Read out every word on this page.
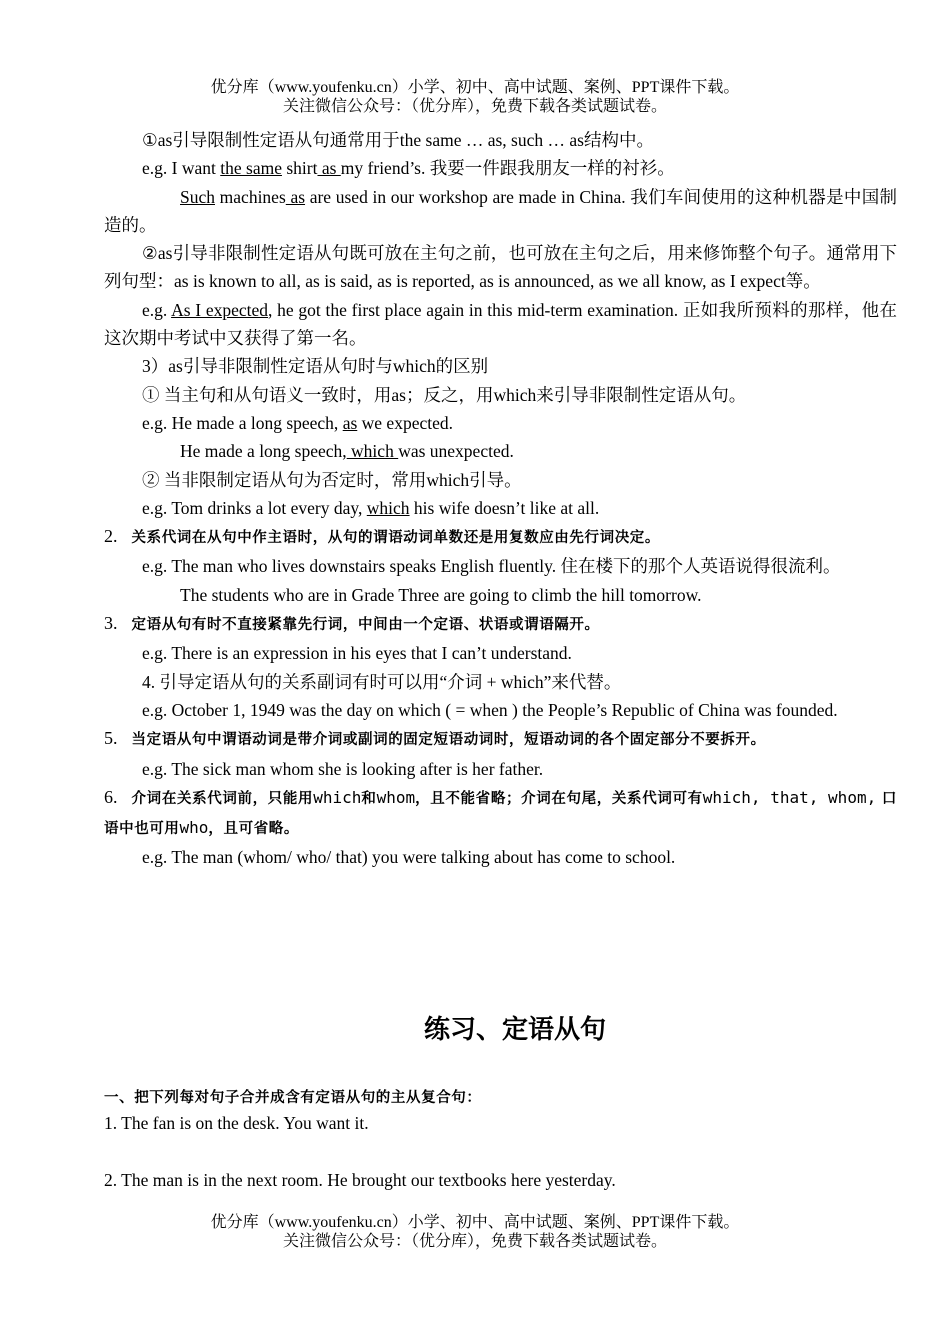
优分库（www.youfenku.cn）小学、初中、高中试题、案例、PPT课件下载。
关注微信公众号：（优分库），免费下载各类试题试卷。

①as引导限制性定语从句通常用于the same … as, such … as结构中。

e.g. I want the same shirt as my friend’s. 我要一件跟我朋友一样的衬衫。

Such machines as are used in our workshop are made in China. 我们车间使用的这种机器是中国制造的。

②as引导非限制性定语从句既可放在主句之前，也可放在主句之后，用来修饰整个句子。通常用下列句型：as is known to all, as is said, as is reported, as is announced, as we all know, as I expect等。

e.g. As I expected, he got the first place again in this mid-term examination. 正如我所预料的那样，他在这次期中考试中又获得了第一名。

3）as引导非限制性定语从句时与which的区别

① 当主句和从句语义一致时，用as；反之，用which来引导非限制性定语从句。

e.g. He made a long speech, as we expected.

He made a long speech, which was unexpected.

② 当非限制定语从句为否定时，常用which引导。

e.g. Tom drinks a lot every day, which his wife doesn’t like at all.

2. 关系代词在从句中作主语时，从句的谓语动词单数还是用复数应由先行词决定。

e.g. The man who lives downstairs speaks English fluently. 住在楼下的那个人英语说得很流利。

The students who are in Grade Three are going to climb the hill tomorrow.

3. 定语从句有时不直接紧靠先行词，中间由一个定语、状语或谓语隔开。

e.g. There is an expression in his eyes that I can’t understand.

4. 引导定语从句的关系副词有时可以用“介词 + which”来代替。

e.g. October 1, 1949 was the day on which ( = when ) the People’s Republic of China was founded.

5. 当定语从句中谓语动词是带介词或副词的固定短语动词时，短语动词的各个固定部分不要拆开。

e.g. The sick man whom she is looking after is her father.

6. 介词在关系代词前，只能用which和whom，且不能省略；介词在句尾，关系代词可有which, that, whom, 口语中也可用who，且可省略。

e.g. The man (whom/ who/ that) you were talking about has come to school.

练习、定语从句
一、把下列每对句子合并成含有定语从句的主从复合句：
1. The fan is on the desk. You want it.
2. The man is in the next room. He brought our textbooks here yesterday.
优分库（www.youfenku.cn）小学、初中、高中试题、案例、PPT课件下载。
关注微信公众号：（优分库），免费下载各类试题试卷。
